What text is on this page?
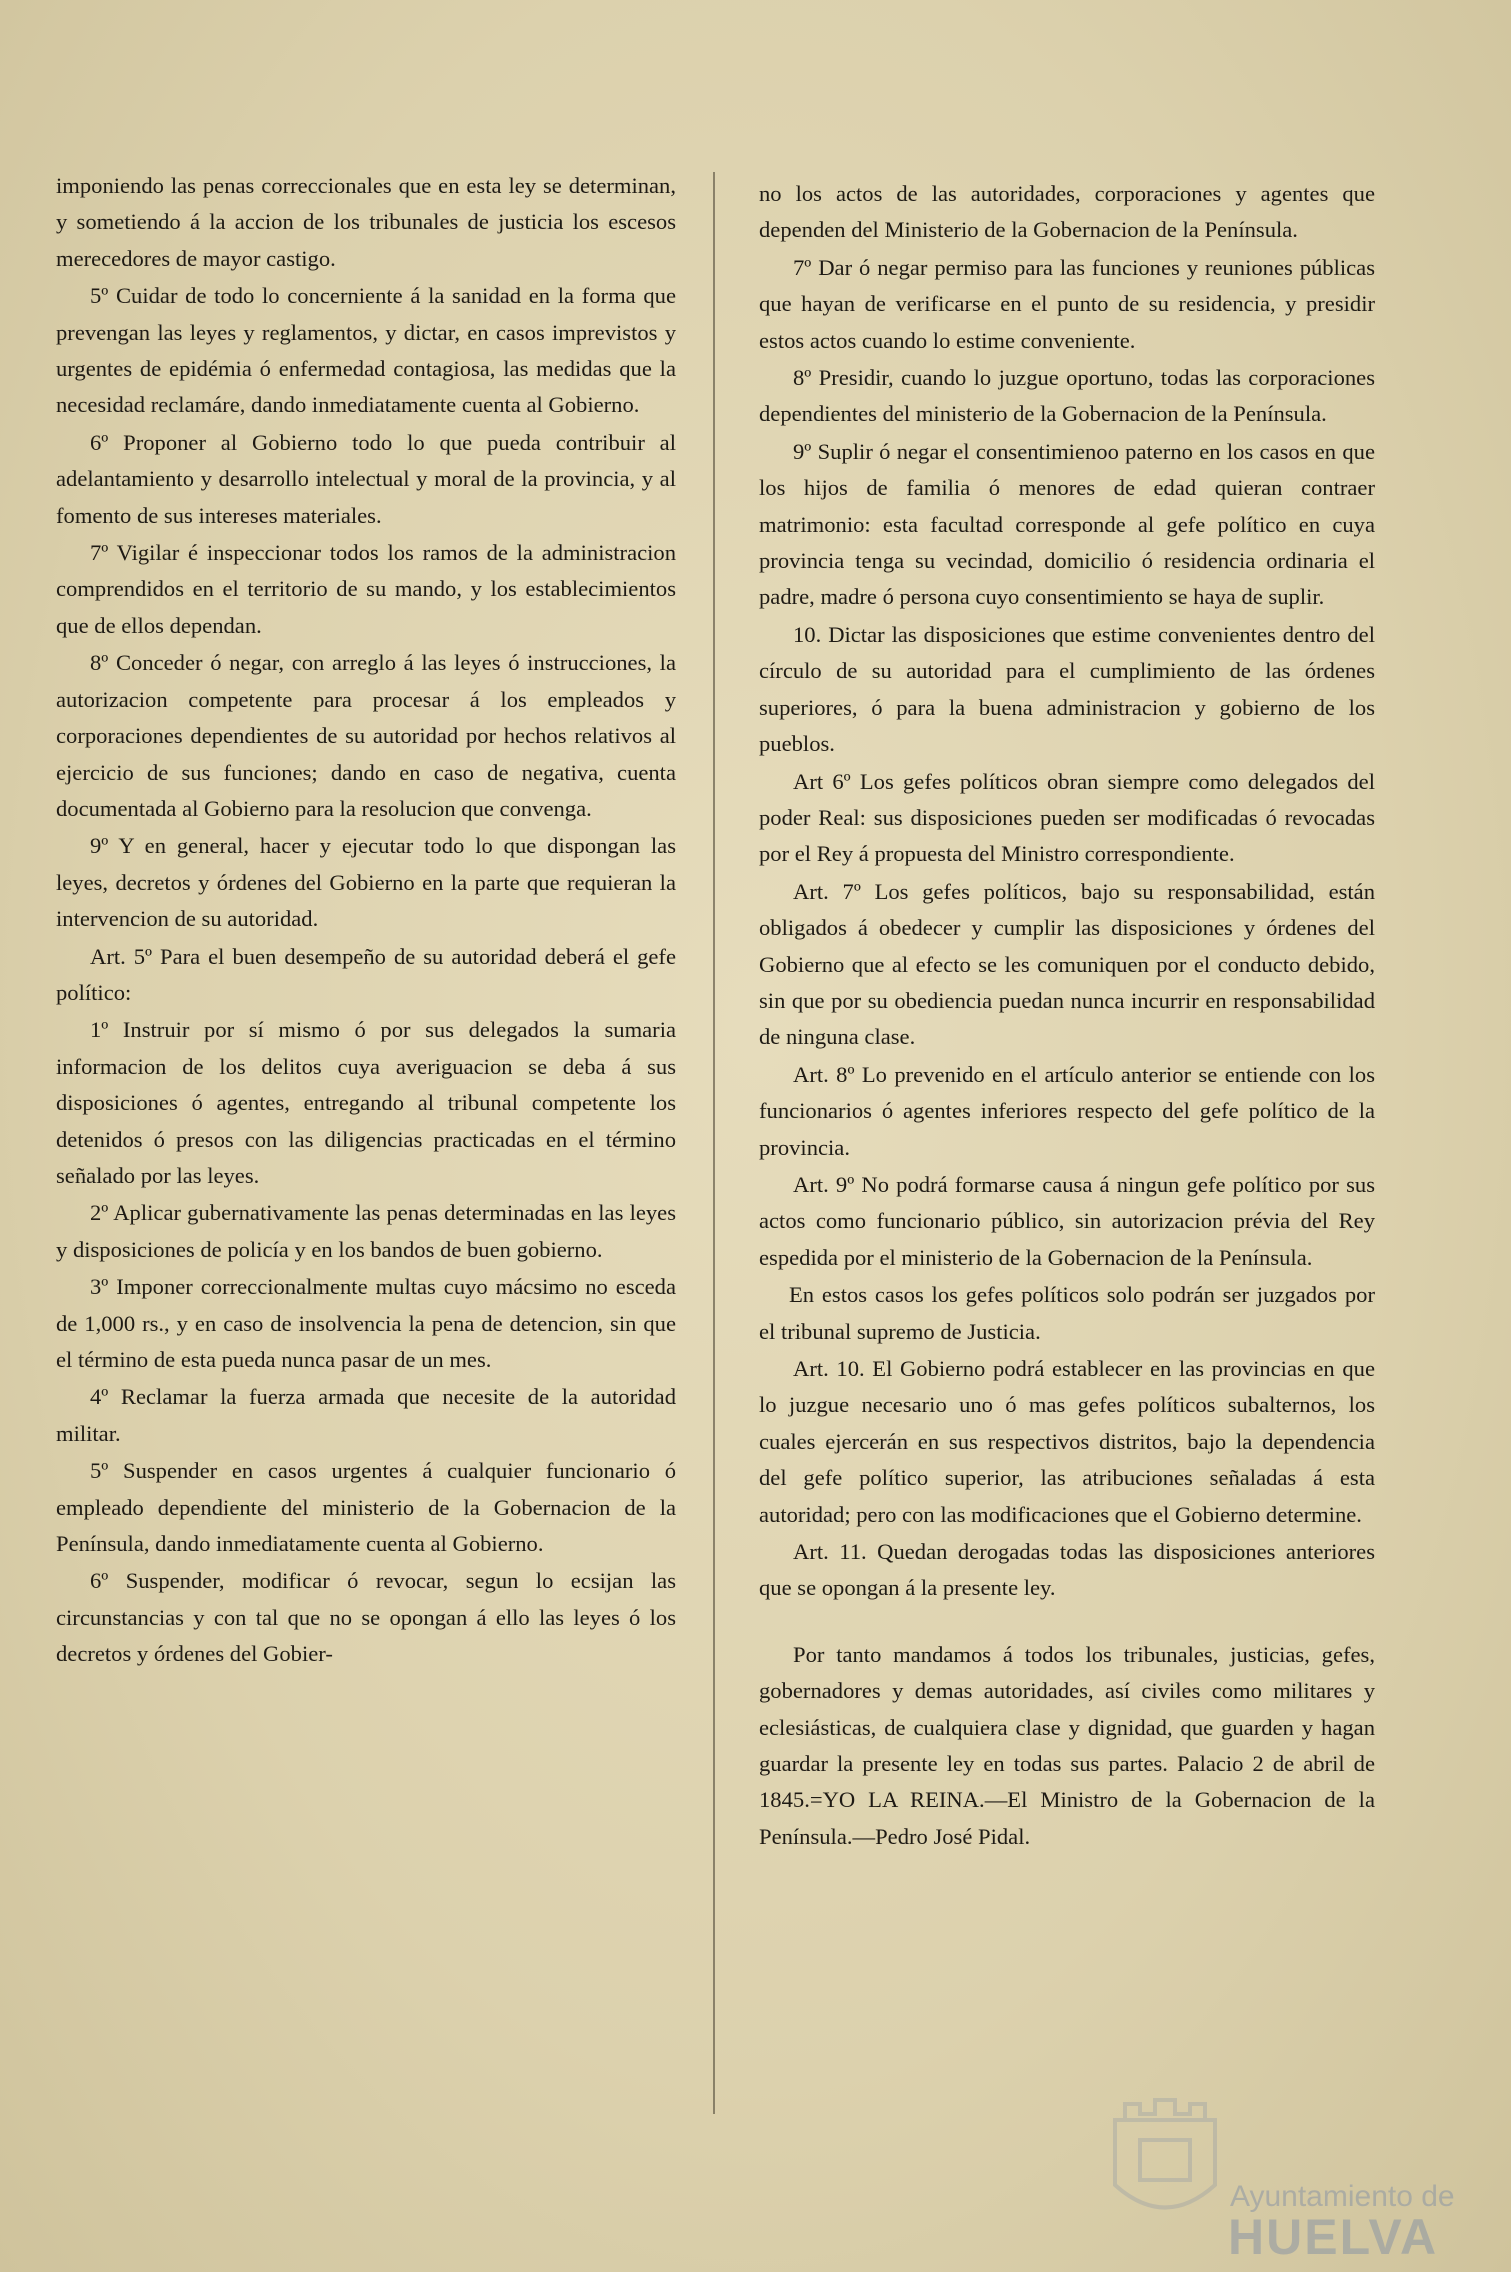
imponiendo las penas correccionales que en esta ley se determinan, y sometiendo á la accion de los tribunales de justicia los escesos merecedores de mayor castigo.

5º Cuidar de todo lo concerniente á la sanidad en la forma que prevengan las leyes y reglamentos, y dictar, en casos imprevistos y urgentes de epidémia ó enfermedad contagiosa, las medidas que la necesidad reclamáre, dando inmediatamente cuenta al Gobierno.

6º Proponer al Gobierno todo lo que pueda contribuir al adelantamiento y desarrollo intelectual y moral de la provincia, y al fomento de sus intereses materiales.

7º Vigilar é inspeccionar todos los ramos de la administracion comprendidos en el territorio de su mando, y los establecimientos que de ellos dependan.

8º Conceder ó negar, con arreglo á las leyes ó instrucciones, la autorizacion competente para procesar á los empleados y corporaciones dependientes de su autoridad por hechos relativos al ejercicio de sus funciones; dando en caso de negativa, cuenta documentada al Gobierno para la resolucion que convenga.

9º Y en general, hacer y ejecutar todo lo que dispongan las leyes, decretos y órdenes del Gobierno en la parte que requieran la intervencion de su autoridad.

Art. 5º Para el buen desempeño de su autoridad deberá el gefe político:

1º Instruir por sí mismo ó por sus delegados la sumaria informacion de los delitos cuya averiguacion se deba á sus disposiciones ó agentes, entregando al tribunal competente los detenidos ó presos con las diligencias practicadas en el término señalado por las leyes.

2º Aplicar gubernativamente las penas determinadas en las leyes y disposiciones de policía y en los bandos de buen gobierno.

3º Imponer correccionalmente multas cuyo mácsimo no esceda de 1,000 rs., y en caso de insolvencia la pena de detencion, sin que el término de esta pueda nunca pasar de un mes.

4º Reclamar la fuerza armada que necesite de la autoridad militar.

5º Suspender en casos urgentes á cualquier funcionario ó empleado dependiente del ministerio de la Gobernacion de la Península, dando inmediatamente cuenta al Gobierno.

6º Suspender, modificar ó revocar, segun lo ecsijan las circunstancias y con tal que no se opongan á ello las leyes ó los decretos y órdenes del Gobier-

no los actos de las autoridades, corporaciones y agentes que dependen del Ministerio de la Gobernacion de la Península.

7º Dar ó negar permiso para las funciones y reuniones públicas que hayan de verificarse en el punto de su residencia, y presidir estos actos cuando lo estime conveniente.

8º Presidir, cuando lo juzgue oportuno, todas las corporaciones dependientes del ministerio de la Gobernacion de la Península.

9º Suplir ó negar el consentimienoo paterno en los casos en que los hijos de familia ó menores de edad quieran contraer matrimonio: esta facultad corresponde al gefe político en cuya provincia tenga su vecindad, domicilio ó residencia ordinaria el padre, madre ó persona cuyo consentimiento se haya de suplir.

10. Dictar las disposiciones que estime convenientes dentro del círculo de su autoridad para el cumplimiento de las órdenes superiores, ó para la buena administracion y gobierno de los pueblos.

Art 6º Los gefes políticos obran siempre como delegados del poder Real: sus disposiciones pueden ser modificadas ó revocadas por el Rey á propuesta del Ministro correspondiente.

Art. 7º Los gefes políticos, bajo su responsabilidad, están obligados á obedecer y cumplir las disposiciones y órdenes del Gobierno que al efecto se les comuniquen por el conducto debido, sin que por su obediencia puedan nunca incurrir en responsabilidad de ninguna clase.

Art. 8º Lo prevenido en el artículo anterior se entiende con los funcionarios ó agentes inferiores respecto del gefe político de la provincia.

Art. 9º No podrá formarse causa á ningun gefe político por sus actos como funcionario público, sin autorizacion prévia del Rey espedida por el ministerio de la Gobernacion de la Península.

En estos casos los gefes políticos solo podrán ser juzgados por el tribunal supremo de Justicia.

Art. 10. El Gobierno podrá establecer en las provincias en que lo juzgue necesario uno ó mas gefes políticos subalternos, los cuales ejercerán en sus respectivos distritos, bajo la dependencia del gefe político superior, las atribuciones señaladas á esta autoridad; pero con las modificaciones que el Gobierno determine.

Art. 11. Quedan derogadas todas las disposiciones anteriores que se opongan á la presente ley.

Por tanto mandamos á todos los tribunales, justicias, gefes, gobernadores y demas autoridades, así civiles como militares y eclesiásticas, de cualquiera clase y dignidad, que guarden y hagan guardar la presente ley en todas sus partes. Palacio 2 de abril de 1845.=YO LA REINA.—El Ministro de la Gobernacion de la Península.—Pedro José Pidal.

Ayuntamiento de
HUELVA
